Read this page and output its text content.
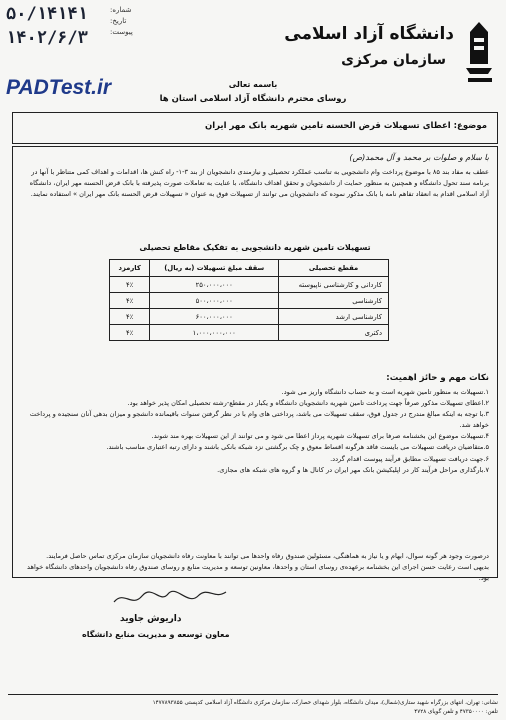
۵۰/۱۴۱۴۱
۱۴۰۲/۶/۳
شماره:
تاریخ:
پیوست:
PADTest.ir
دانشگاه آزاد اسلامی
سازمان مرکزی
باسمه تعالی
روسای محترم دانشگاه آزاد اسلامی استان ها
موضوع: اعطای تسهیلات قرض الحسنه تامین شهریه بانک مهر ایران
با سلام و صلوات بر محمد و آل محمد(ص)
عطف به مفاد بند ۸۵ با موضوع پرداخت وام دانشجویی به تناسب عملکرد تحصیلی و نیازمندی دانشجویان از بند ۳-۱- راه کنش ها، اقدامات و اهداف کمی متناظر با آنها در برنامه سند تحول دانشگاه و همچنین به منظور حمایت از دانشجویان و تحقق اهداف دانشگاه، با عنایت به تعاملات صورت پذیرفته با بانک قرض الحسنه مهر ایران، دانشگاه آزاد اسلامی اقدام به انعقاد تفاهم نامه با بانک مذکور نموده که دانشجویان می توانند از تسهیلات فوق به عنوان « تسهیلات قرض الحسنه بانک مهر ایران » استفاده نمایند.
تسهیلات تامین شهریه دانشجویی به تفکیک مقاطع تحصیلی
مقطع تحصیلی	سقف مبلغ تسهیلات (به ریال)	کارمزد
کاردانی و کارشناسی ناپیوسته	۲۵۰،۰۰۰،۰۰۰	۴٪
کارشناسی	۵۰۰،۰۰۰،۰۰۰	۴٪
کارشناسی ارشد	۶۰۰،۰۰۰،۰۰۰	۴٪
دکتری	۱،۰۰۰،۰۰۰،۰۰۰	۴٪
نکات مهم و حائز اهمیت:

۱.تسهیلات به منظور تامین شهریه است و به حساب دانشگاه واریز می شود.

۲.اعطای تسهیلات مذکور صرفاً جهت پرداخت تامین شهریه دانشجویان دانشگاه و یکبار در مقطع-رشته تحصیلی امکان پذیر خواهد بود.

۳.با توجه به اینکه مبالغ مندرج در جدول فوق، سقف تسهیلات می باشد، پرداختی های وام با در نظر گرفتن سنوات باقیمانده دانشجو و میزان بدهی آنان سنجیده و پرداخت خواهد شد.

۴.تسهیلات موضوع این بخشنامه صرفا برای تسهیلات شهریه پرداز اعطا می شود و می توانند از این تسهیلات بهره مند شوند.

۵.متقاضیان دریافت تسهیلات می بایست فاقد هرگونه اقساط معوق و چک برگشتی نزد شبکه بانکی باشند و دارای رتبه اعتباری مناسب باشند.

۶.جهت دریافت تسهیلات مطابق فرآیند پیوست اقدام گردد.

۷.بارگذاری مراحل فرآیند کار در اپلیکیشن بانک مهر ایران در کانال ها و گروه های شبکه های مجازی.

درصورت وجود هر گونه سوال، ابهام و یا نیاز به هماهنگی، مسئولین صندوق رفاه واحدها می توانند با معاونت رفاه دانشجویان سازمان مرکزی تماس حاصل فرمایند.
بدیهی است رعایت حسن اجرای این بخشنامه برعهده‌ی روسای استان و واحدها، معاونین توسعه و مدیریت منابع و روسای صندوق رفاه دانشجویان واحدهای دانشگاه خواهد بود.
داریوش جاوید
معاون توسعه و مدیریت منابع دانشگاه
نشانی: تهران، انتهای بزرگراه شهید ستاری(شمال)، میدان دانشگاه، بلوار شهدای حصارک، سازمان مرکزی دانشگاه آزاد اسلامی کدپستی ۱۴۷۷۸۹۳۸۵۵
تلفن: ۴۷۳۵۰۰۰۰ و تلفن گویای ۴۷۲۸
